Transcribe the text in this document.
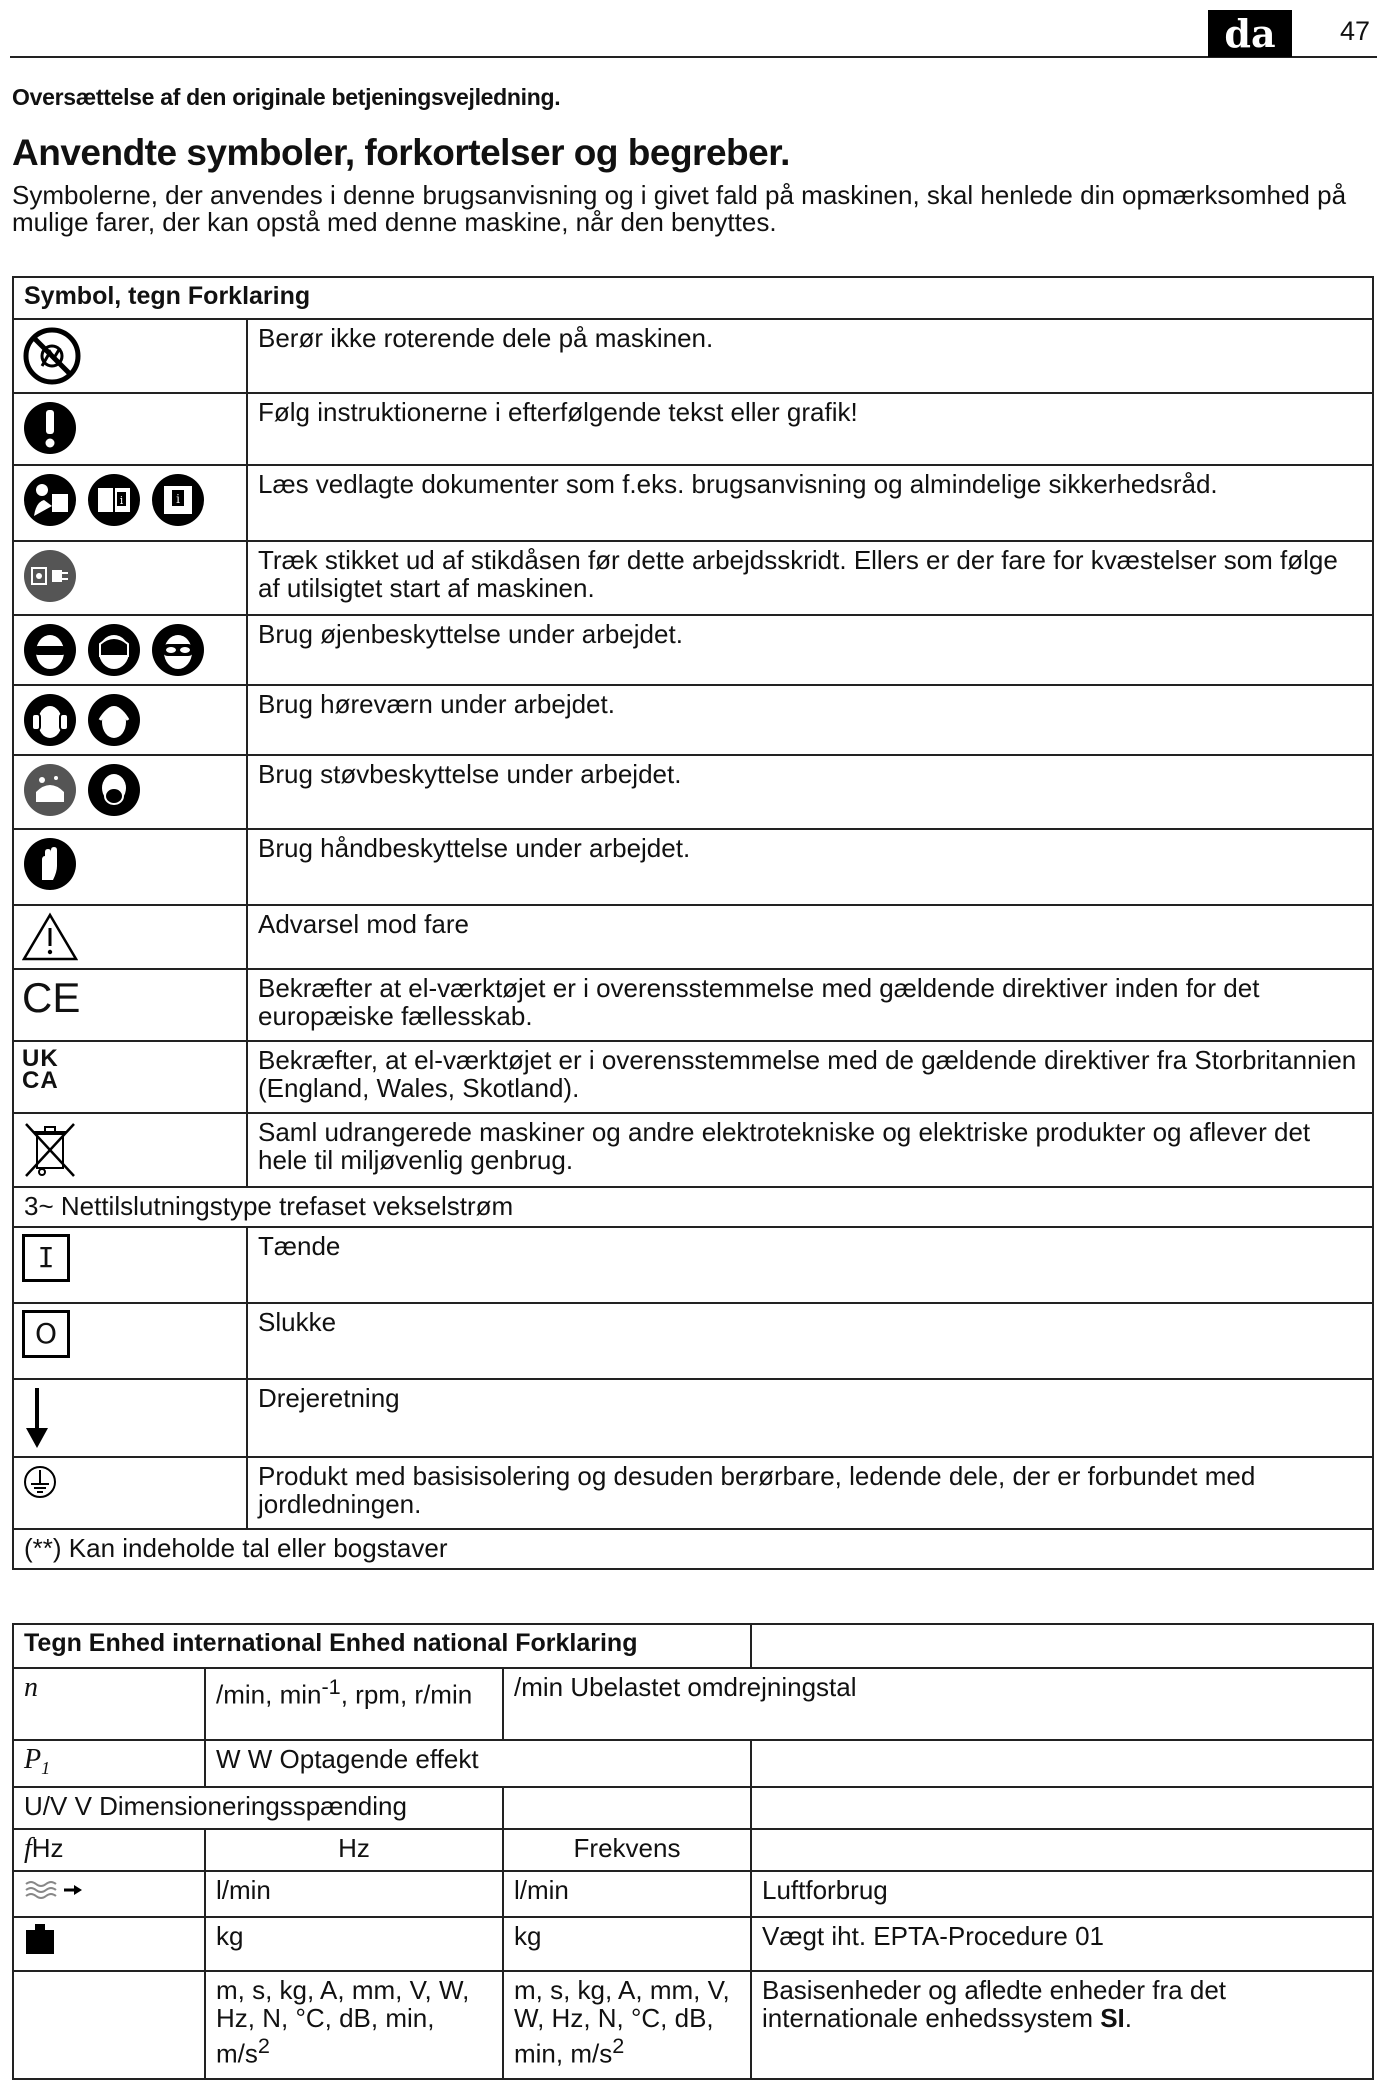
da	47
Oversættelse af den originale betjeningsvejledning.
Anvendte symboler, forkortelser og begreber.
Symbolerne, der anvendes i denne brugsanvisning og i givet fald på maskinen, skal henlede din opmærksomhed på mulige farer, der kan opstå med denne maskine, når den benyttes.
Symbol, tegn Forklaring	

	Berør ikke roterende dele på maskinen.

	Følg instruktionerne i efterfølgende tekst eller grafik!

i i	Læs vedlagte dokumenter som f.eks. brugsanvisning og almindelige sikkerhedsråd.

	Træk stikket ud af stikdåsen før dette arbejdsskridt. Ellers er der fare for kvæstelser som følge af utilsigtet start af maskinen.

	Brug øjenbeskyttelse under arbejdet.

	Brug høreværn under arbejdet.

	Brug støvbeskyttelse under arbejdet.

	Brug håndbeskyttelse under arbejdet.

	Advarsel mod fare
CE	Bekræfter at el-værktøjet er i overensstemmelse med gældende direktiver inden for det europæiske fællesskab.

UKCA	Bekræfter, at el-værktøjet er i overensstemmelse med de gældende direktiver fra Storbritannien (England, Wales, Skotland).

	Saml udrangerede maskiner og andre elektrotekniske og elektriske produkter og aflever det hele til miljøvenlig genbrug.
3~ Nettilslutningstype trefaset vekselstrøm	

I	Tænde

O	Slukke

	Drejeretning

	Produkt med basisisolering og desuden berørbare, ledende dele, der er forbundet med jordledningen.
(**) Kan indeholde tal eller bogstaver	
Tegn Enhed international Enhed national Forklaring			
n	/min, $\min^{-1}$, rpm, r/min	/min Ubelastet omdrejningstal	
$P_1$	W W Optagende effekt		
U/V V Dimensioneringsspænding			
fHz	Hz	Frekvens	

	l/min	l/min	Luftforbrug

	kg	kg	Vægt iht. EPTA-Procedure 01
	m, s, kg, A, mm, V, W, Hz, N, °C, dB, min, $m/s^2$	m, s, kg, A, mm, V, W, Hz, N, °C, dB, min, $m/s^2$	Basisenheder og afledte enheder fra det internationale enhedssystem SI.
